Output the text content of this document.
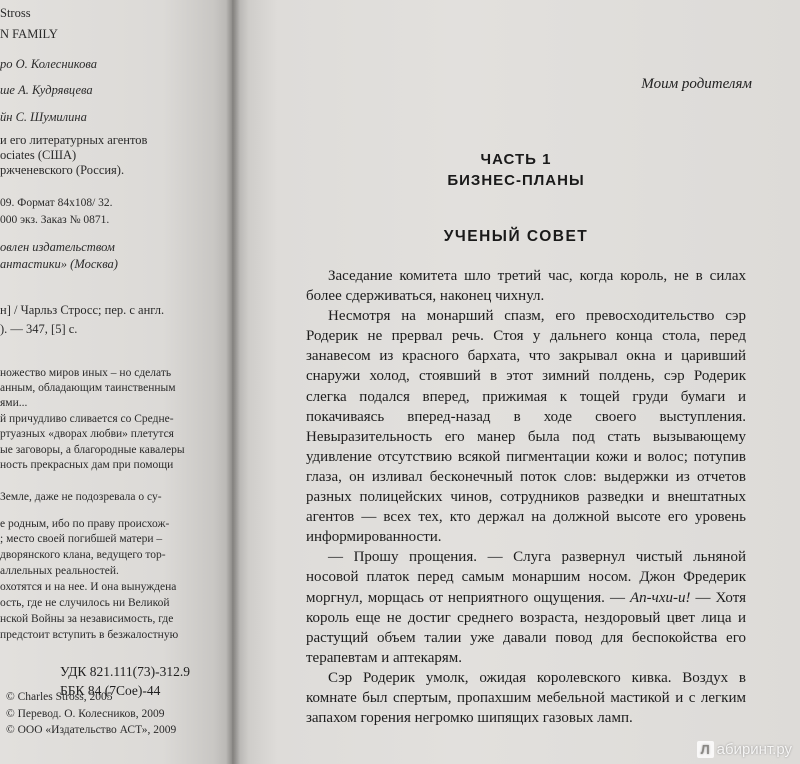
Stross
N FAMILY
ро О. Колесникова
ше А. Кудрявцева
йн С. Шумилина
и его литературных агентов
ociates (США)
ржченевского (Россия).
09. Формат 84x108/ 32.
000 экз. Заказ № 0871.
овлен издательством
антастики» (Москва)
н] / Чарльз Стросс; пер. с англ.
). — 347, [5] с.
ножество миров иных – но сделать
анным, обладающим таинственным
ями...
й причудливо сливается со Средне-
ртуазных «дворах любви» плетутся
ые заговоры, а благородные кавалеры
ность прекрасных дам при помощи
Земле, даже не подозревала о су-
е родным, ибо по праву происхож-
; место своей погибшей матери –
дворянского клана, ведущего тор-
аллельных реальностей.
охотятся и на нее. И она вынуждена
ость, где не случилось ни Великой
нской Войны за независимость, где
предстоит вступить в безжалостную
УДК 821.111(73)-312.9
ББК 84 (7Сое)-44
© Charles Stross, 2005
© Перевод. О. Колесников, 2009
© ООО «Издательство АСТ», 2009
Моим родителям
ЧАСТЬ 1
БИЗНЕС-ПЛАНЫ
УЧЕНЫЙ СОВЕТ

Заседание комитета шло третий час, когда король, не в силах более сдерживаться, наконец чихнул.

Несмотря на монарший спазм, его превосходительство сэр Родерик не прервал речь. Стоя у дальнего конца стола, перед занавесом из красного бархата, что закрывал окна и царивший снаружи холод, стоявший в этот зимний полдень, сэр Родерик слегка подался вперед, прижимая к тощей груди бумаги и покачиваясь вперед-назад в ходе своего выступления. Невыразительность его манер была под стать вызывающему удивление отсутствию всякой пигментации кожи и волос; потупив глаза, он изливал бесконечный поток слов: выдержки из отчетов разных полицейских чинов, сотрудников разведки и внештатных агентов — всех тех, кто держал на должной высоте его уровень информированности.

— Прошу прощения. — Слуга развернул чистый льняной носовой платок перед самым монаршим носом. Джон Фредерик моргнул, морщась от неприятного ощущения. — Ап-чхи-и! — Хотя король еще не достиг среднего возраста, нездоровый цвет лица и растущий объем талии уже давали повод для беспокойства его терапевтам и аптекарям.

Сэр Родерик умолк, ожидая королевского кивка. Воздух в комнате был спертым, пропахшим мебельной мастикой и с легким запахом горения негромко шипящих газовых ламп.

Л абиринт.ру
